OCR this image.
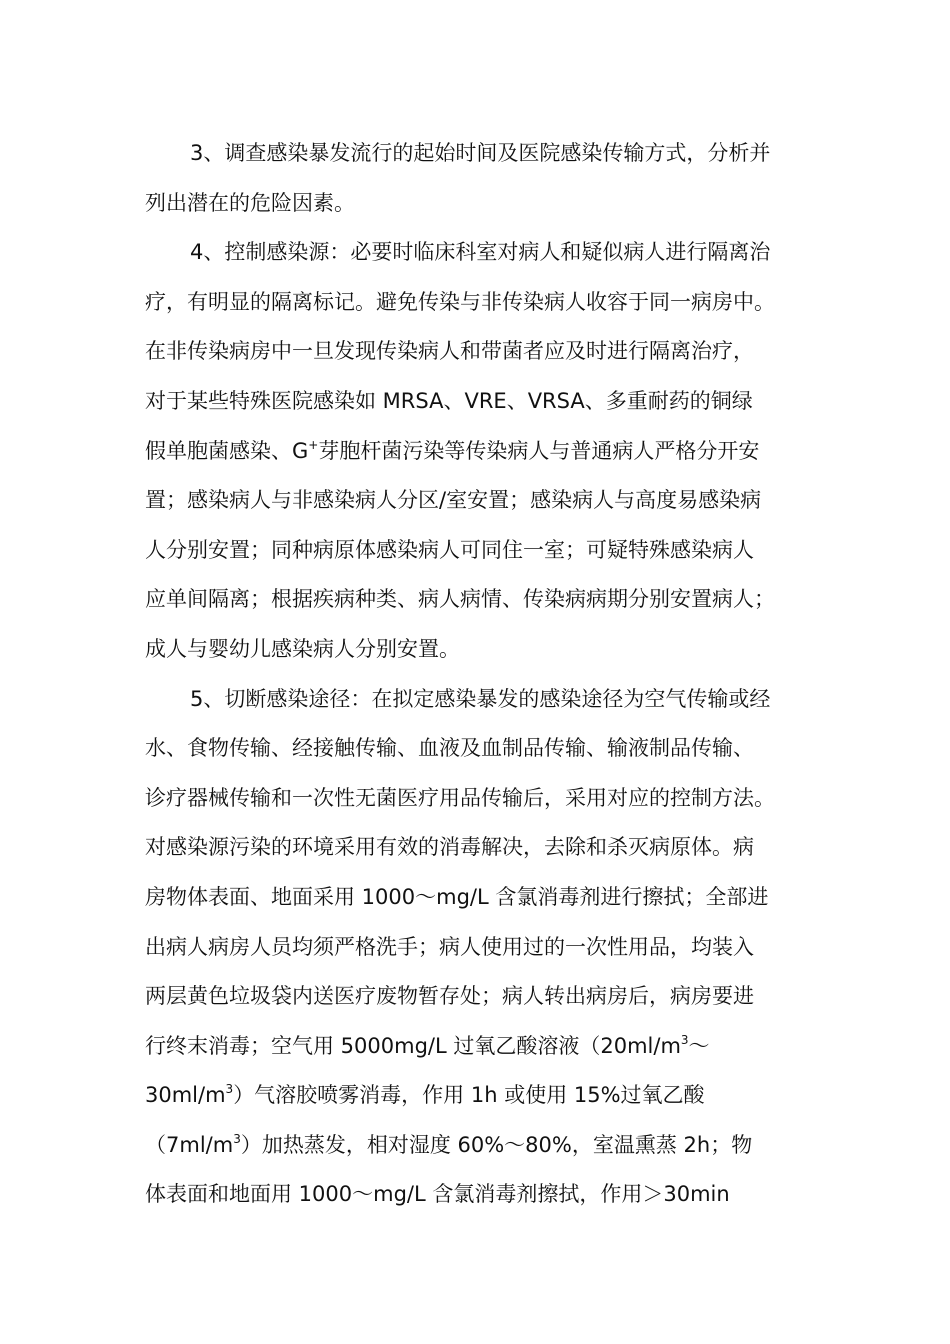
3、调查感染暴发流行的起始时间及医院感染传输方式，分析并
列出潜在的危险因素。
4、控制感染源：必要时临床科室对病人和疑似病人进行隔离治
疗，有明显的隔离标记。避免传染与非传染病人收容于同一病房中。
在非传染病房中一旦发现传染病人和带菌者应及时进行隔离治疗，
对于某些特殊医院感染如 MRSA、VRE、VRSA、多重耐药的铜绿
假单胞菌感染、G+芽胞杆菌污染等传染病人与普通病人严格分开安
置；感染病人与非感染病人分区/室安置；感染病人与高度易感染病
人分别安置；同种病原体感染病人可同住一室；可疑特殊感染病人
应单间隔离；根据疾病种类、病人病情、传染病病期分别安置病人；
成人与婴幼儿感染病人分别安置。
5、切断感染途径：在拟定感染暴发的感染途径为空气传输或经
水、食物传输、经接触传输、血液及血制品传输、输液制品传输、
诊疗器械传输和一次性无菌医疗用品传输后，采用对应的控制方法。
对感染源污染的环境采用有效的消毒解决，去除和杀灭病原体。病
房物体表面、地面采用 1000～mg/L 含氯消毒剂进行擦拭；全部进
出病人病房人员均须严格洗手；病人使用过的一次性用品，均装入
两层黄色垃圾袋内送医疗废物暂存处；病人转出病房后，病房要进
行终末消毒；空气用 5000mg/L 过氧乙酸溶液（$20ml/m^3\sim$
$30ml/m^3$）气溶胶喷雾消毒，作用 1h 或使用 15%过氧乙酸
$(7ml/m^3)$加热蒸发，相对湿度 60%～80%，室温熏蒸 2h；物
体表面和地面用 1000～mg/L 含氯消毒剂擦拭，作用＞30min
